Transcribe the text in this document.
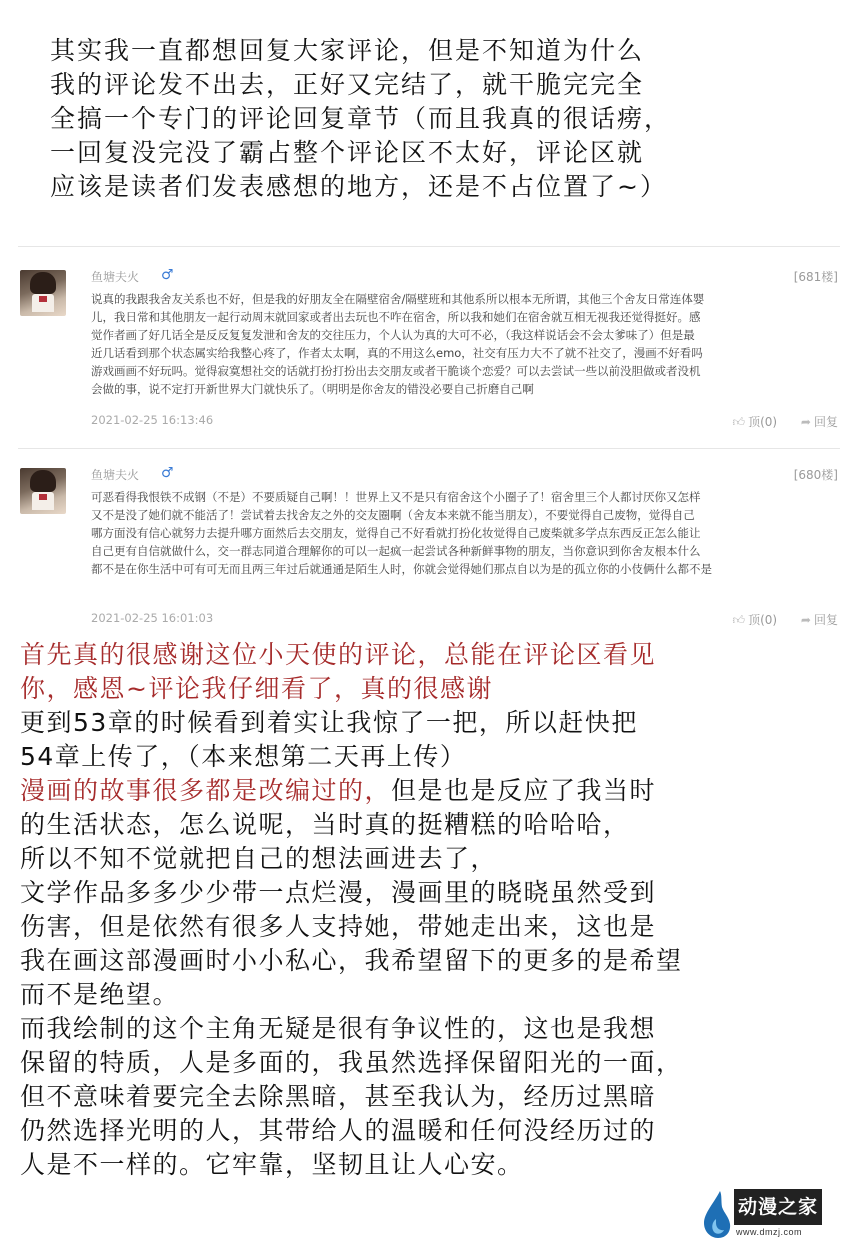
其实我一直都想回复大家评论，但是不知道为什么

我的评论发不出去，正好又完结了，就干脆完完全

全搞一个专门的评论回复章节（而且我真的很话痨，

一回复没完没了霸占整个评论区不太好，评论区就

应该是读者们发表感想的地方，还是不占位置了~）

鱼塘夫火 ♂	[681楼]
说真的我跟我舍友关系也不好，但是我的好朋友全在隔壁宿舍/隔壁班和其他系所以根本无所谓，其他三个舍友日常连体婴
儿，我日常和其他朋友一起行动周末就回家或者出去玩也不咋在宿舍，所以我和她们在宿舍就互相无视我还觉得挺好。感
觉作者画了好几话全是反反复复发泄和舍友的交往压力，个人认为真的大可不必，（我这样说话会不会太爹味了）但是最
近几话看到那个状态属实给我整心疼了，作者太太啊，真的不用这么emo，社交有压力大不了就不社交了，漫画不好看吗
游戏画画不好玩吗。觉得寂寞想社交的话就打扮打扮出去交朋友或者干脆谈个恋爱？可以去尝试一些以前没胆做或者没机
会做的事，说不定打开新世界大门就快乐了。（明明是你舍友的错没必要自己折磨自己啊
2021-02-25 16:13:46	👍︎ 顶(0) ➦ 回复
鱼塘夫火 ♂	[680楼]
可恶看得我恨铁不成钢（不是）不要质疑自己啊！！世界上又不是只有宿舍这个小圈子了！宿舍里三个人都讨厌你又怎样
又不是没了她们就不能活了！尝试着去找舍友之外的交友圈啊（舍友本来就不能当朋友），不要觉得自己废物，觉得自己
哪方面没有信心就努力去提升哪方面然后去交朋友，觉得自己不好看就打扮化妆觉得自己废柴就多学点东西反正怎么能让
自己更有自信就做什么，交一群志同道合理解你的可以一起疯一起尝试各种新鲜事物的朋友，当你意识到你舍友根本什么
都不是在你生活中可有可无而且两三年过后就通通是陌生人时，你就会觉得她们那点自以为是的孤立你的小伎俩什么都不是
2021-02-25 16:01:03	👍︎ 顶(0) ➦ 回复

首先真的很感谢这位小天使的评论，总能在评论区看见

你，感恩~评论我仔细看了，真的很感谢

更到53章的时候看到着实让我惊了一把，所以赶快把

54章上传了，（本来想第二天再上传）

漫画的故事很多都是改编过的，但是也是反应了我当时

的生活状态，怎么说呢，当时真的挺糟糕的哈哈哈，

所以不知不觉就把自己的想法画进去了，

文学作品多多少少带一点烂漫，漫画里的晓晓虽然受到

伤害，但是依然有很多人支持她，带她走出来，这也是

我在画这部漫画时小小私心，我希望留下的更多的是希望

而不是绝望。

而我绘制的这个主角无疑是很有争议性的，这也是我想

保留的特质，人是多面的，我虽然选择保留阳光的一面，

但不意味着要完全去除黑暗，甚至我认为，经历过黑暗

仍然选择光明的人，其带给人的温暖和任何没经历过的

人是不一样的。它牢靠，坚韧且让人心安。

动漫之家
www.dmzj.com
